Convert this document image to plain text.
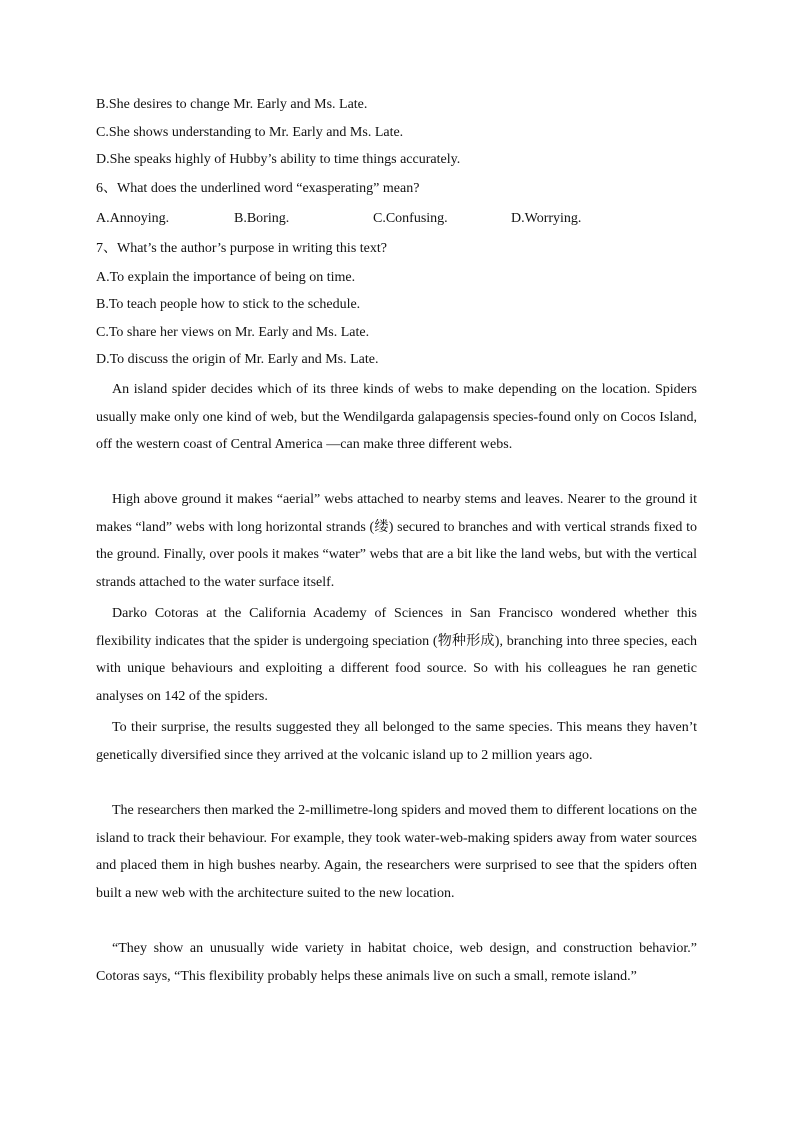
B.She desires to change Mr. Early and Ms. Late.
C.She shows understanding to Mr. Early and Ms. Late.
D.She speaks highly of Hubby’s ability to time things accurately.
6、What does the underlined word “exasperating” mean?
A.Annoying.	B.Boring.	C.Confusing.	D.Worrying.
7、What’s the author’s purpose in writing this text?
A.To explain the importance of being on time.
B.To teach people how to stick to the schedule.
C.To share her views on Mr. Early and Ms. Late.
D.To discuss the origin of Mr. Early and Ms. Late.

An island spider decides which of its three kinds of webs to make depending on the location. Spiders usually make only one kind of web, but the Wendilgarda galapagensis species-found only on Cocos Island, off the western coast of Central America —can make three different webs.

High above ground it makes “aerial” webs attached to nearby stems and leaves. Nearer to the ground it makes “land” webs with long horizontal strands (缕) secured to branches and with vertical strands fixed to the ground. Finally, over pools it makes “water” webs that are a bit like the land webs, but with the vertical strands attached to the water surface itself.

Darko Cotoras at the California Academy of Sciences in San Francisco wondered whether this flexibility indicates that the spider is undergoing speciation (物种形成), branching into three species, each with unique behaviours and exploiting a different food source. So with his colleagues he ran genetic analyses on 142 of the spiders.

To their surprise, the results suggested they all belonged to the same species. This means they haven’t genetically diversified since they arrived at the volcanic island up to 2 million years ago.

The researchers then marked the 2-millimetre-long spiders and moved them to different locations on the island to track their behaviour. For example, they took water-web-making spiders away from water sources and placed them in high bushes nearby. Again, the researchers were surprised to see that the spiders often built a new web with the architecture suited to the new location.

“They show an unusually wide variety in habitat choice, web design, and construction behavior.” Cotoras says, “This flexibility probably helps these animals live on such a small, remote island.”
